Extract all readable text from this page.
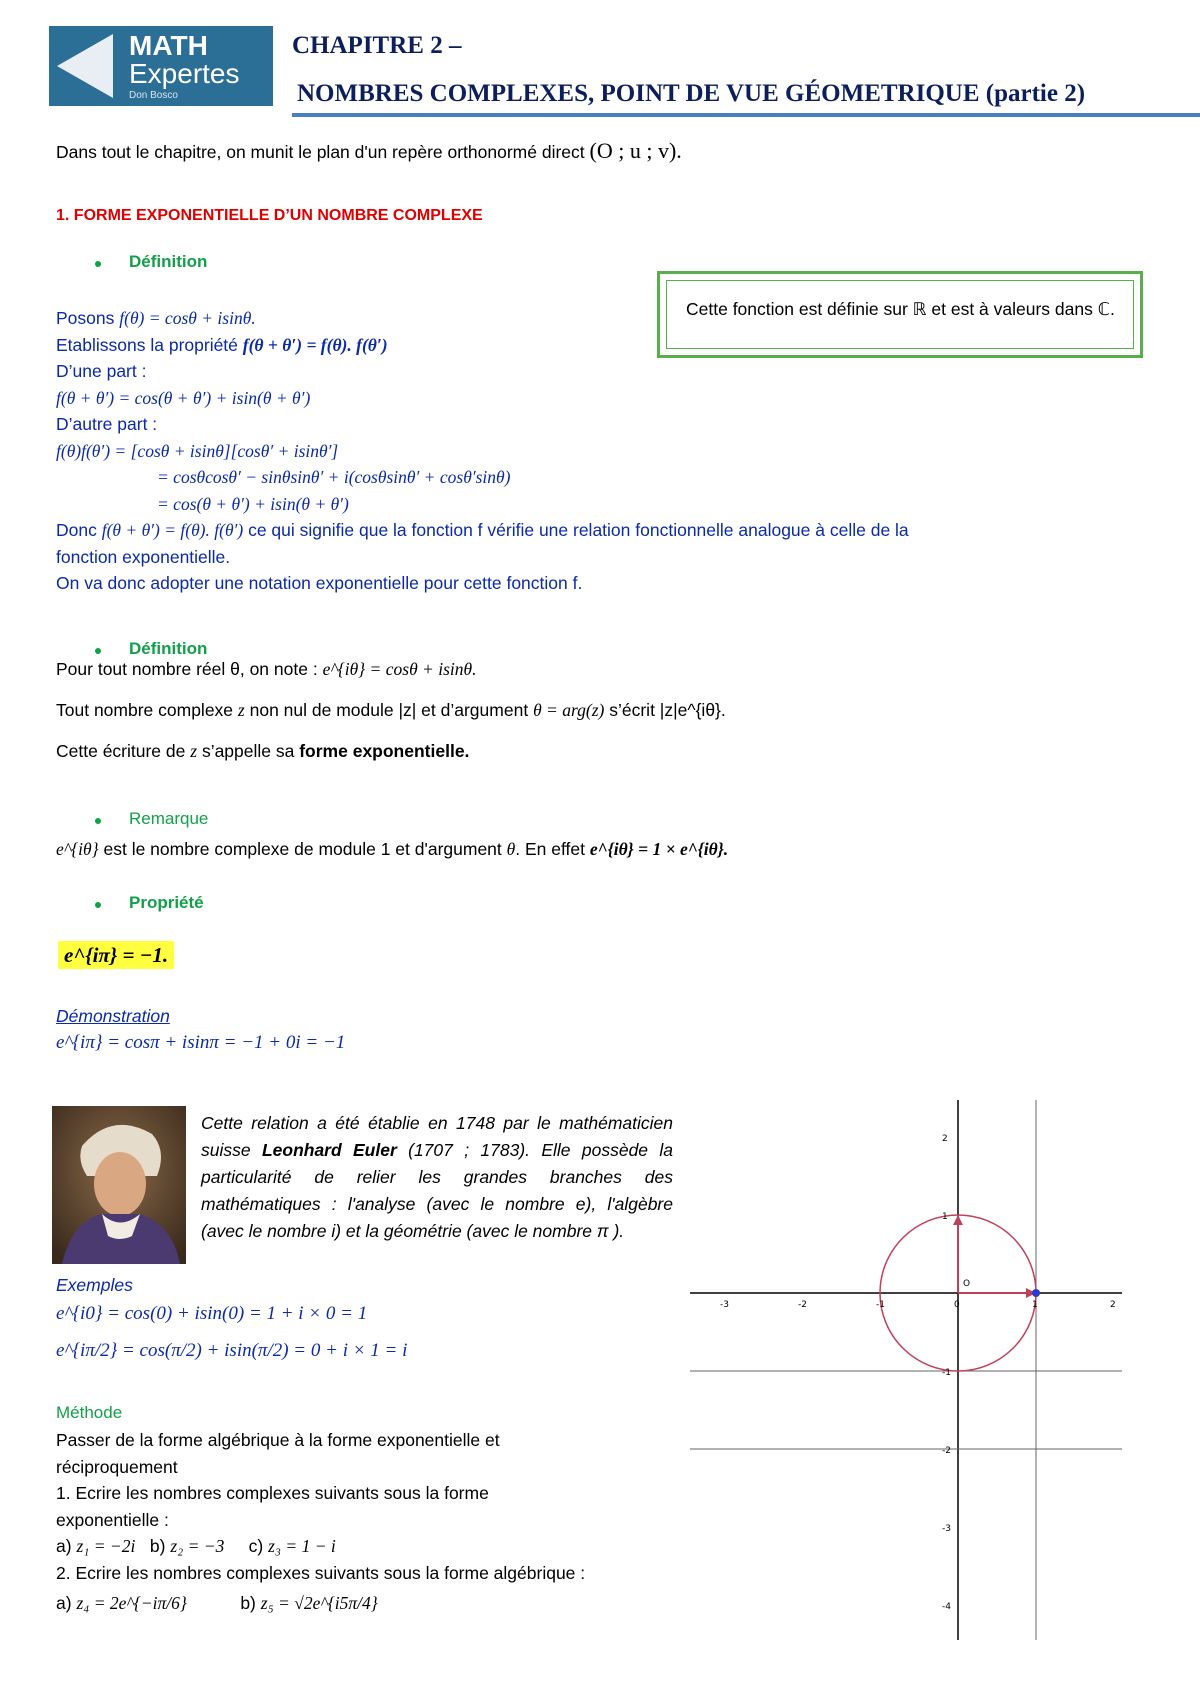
MATH
Expertes
Don Bosco
CHAPITRE 2 –
NOMBRES COMPLEXES, POINT DE VUE GÉOMETRIQUE (partie 2)
Dans tout le chapitre, on munit le plan d'un repère orthonormé direct (O ; u ; v).
1. FORME EXPONENTIELLE D’UN NOMBRE COMPLEXE
Définition
Cette fonction est définie sur ℝ et est à valeurs dans ℂ.
Posons f(θ) = cosθ + isinθ.
Etablissons la propriété f(θ + θ′) = f(θ). f(θ′)
D’une part :
f(θ + θ′) = cos(θ + θ′) + isin(θ + θ′)
D’autre part :
f(θ)f(θ′) = [cosθ + isinθ][cosθ′ + isinθ′]
= cosθcosθ′ − sinθsinθ′ + i(cosθsinθ′ + cosθ′sinθ)
= cos(θ + θ′) + isin(θ + θ′)
Donc f(θ + θ′) = f(θ). f(θ′) ce qui signifie que la fonction f vérifie une relation fonctionnelle analogue à celle de la
fonction exponentielle.
On va donc adopter une notation exponentielle pour cette fonction f.
Définition
Pour tout nombre réel θ, on note : e^{iθ} = cosθ + isinθ.
Tout nombre complexe z non nul de module |z| et d’argument θ = arg(z) s’écrit |z|e^{iθ}.
Cette écriture de z s’appelle sa forme exponentielle.
Remarque
e^{iθ} est le nombre complexe de module 1 et d'argument θ. En effet e^{iθ} = 1 × e^{iθ}.
Propriété
e^{iπ} = −1.
Démonstration
e^{iπ} = cosπ + isinπ = −1 + 0i = −1
Cette relation a été établie en 1748 par le mathématicien suisse Leonhard Euler (1707 ; 1783). Elle possède la particularité de relier les grandes branches des mathématiques : l'analyse (avec le nombre e), l'algèbre (avec le nombre i) et la géométrie (avec le nombre π ).
Exemples
e^{i0} = cos(0) + isin(0) = 1 + i × 0 = 1
e^{iπ/2} = cos(π/2) + isin(π/2) = 0 + i × 1 = i
Méthode
Passer de la forme algébrique à la forme exponentielle et
réciproquement
1. Ecrire les nombres complexes suivants sous la forme
exponentielle :
a) z₁ = −2i b) z₂ = −3 c) z₃ = 1 − i
2. Ecrire les nombres complexes suivants sous la forme algébrique :
a) z₄ = 2e^{−iπ/6}	b) z₅ = √2e^{i5π/4}
O
-3	-2	-1	0	1	2
2
1
-1
-2
-3
-4
